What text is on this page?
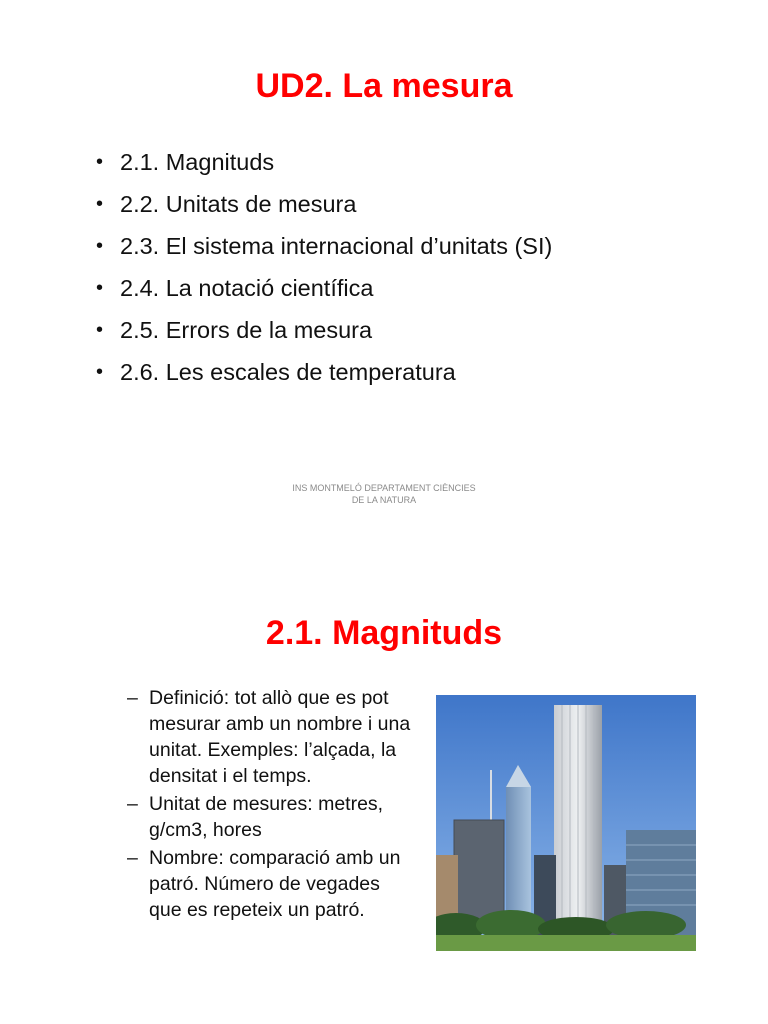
UD2. La mesura
• 2.1. Magnituds
• 2.2. Unitats de mesura
• 2.3. El sistema internacional d’unitats (SI)
• 2.4. La notació científica
• 2.5. Errors de la mesura
• 2.6. Les escales de temperatura
INS MONTMELÓ DEPARTAMENT CIÈNCIES
DE LA NATURA
2.1. Magnituds
– Definició: tot allò que es pot mesurar amb un nombre i una unitat. Exemples: l’alçada, la densitat i el temps.
– Unitat de mesures: metres, g/cm3, hores
– Nombre: comparació amb un patró. Número de vegades que es repeteix un patró.
